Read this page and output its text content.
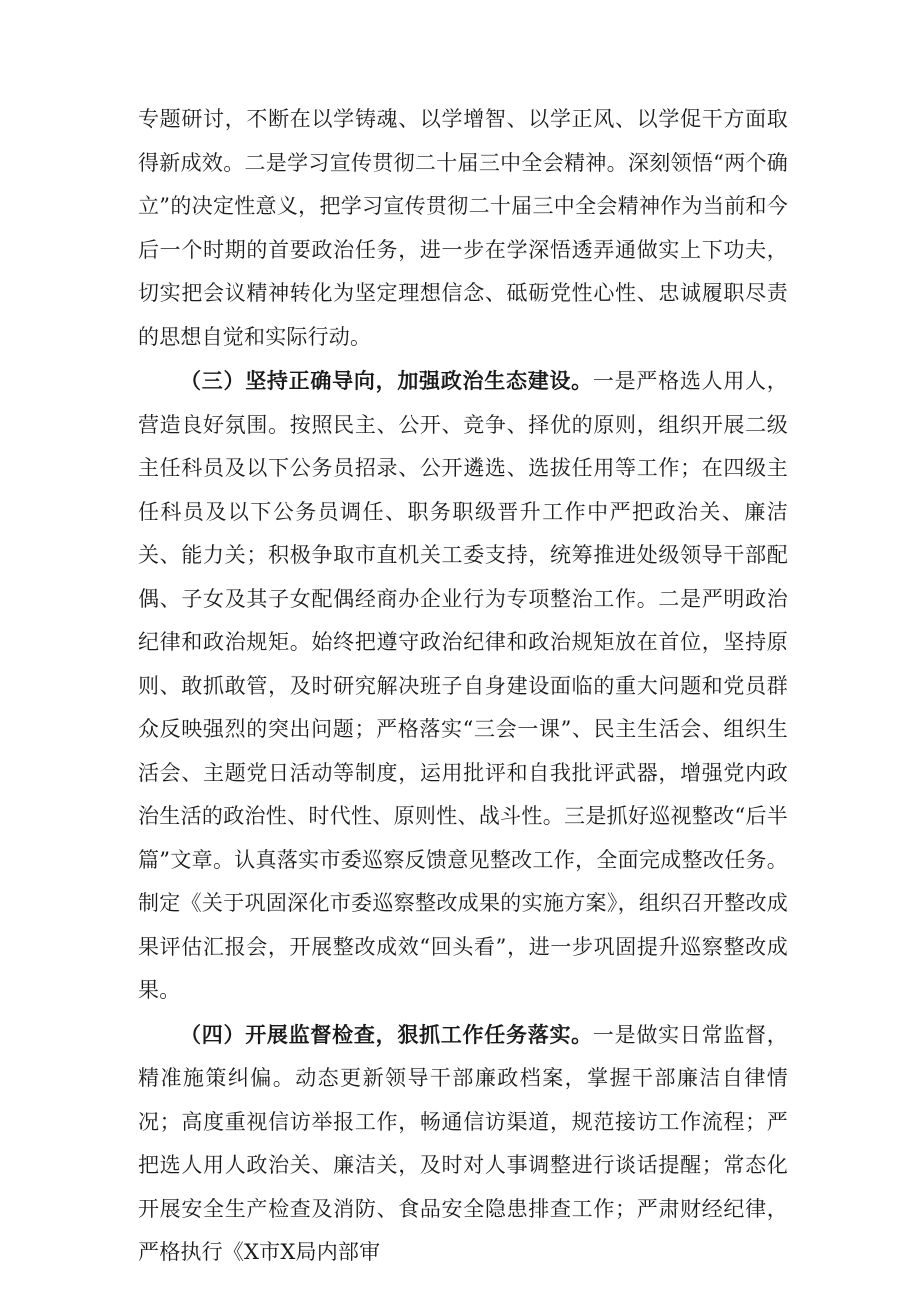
专题研讨，不断在以学铸魂、以学增智、以学正风、以学促干方面取得新成效。二是学习宣传贯彻二十届三中全会精神。深刻领悟“两个确立”的决定性意义，把学习宣传贯彻二十届三中全会精神作为当前和今后一个时期的首要政治任务，进一步在学深悟透弄通做实上下功夫，切实把会议精神转化为坚定理想信念、砥砺党性心性、忠诚履职尽责的思想自觉和实际行动。

（三）坚持正确导向，加强政治生态建设。一是严格选人用人，营造良好氛围。按照民主、公开、竞争、择优的原则，组织开展二级主任科员及以下公务员招录、公开遴选、选拔任用等工作；在四级主任科员及以下公务员调任、职务职级晋升工作中严把政治关、廉洁关、能力关；积极争取市直机关工委支持，统筹推进处级领导干部配偶、子女及其子女配偶经商办企业行为专项整治工作。二是严明政治纪律和政治规矩。始终把遵守政治纪律和政治规矩放在首位，坚持原则、敢抓敢管，及时研究解决班子自身建设面临的重大问题和党员群众反映强烈的突出问题；严格落实“三会一课”、民主生活会、组织生活会、主题党日活动等制度，运用批评和自我批评武器，增强党内政治生活的政治性、时代性、原则性、战斗性。三是抓好巡视整改“后半篇”文章。认真落实市委巡察反馈意见整改工作，全面完成整改任务。制定《关于巩固深化市委巡察整改成果的实施方案》，组织召开整改成果评估汇报会，开展整改成效“回头看”，进一步巩固提升巡察整改成果。

（四）开展监督检查，狠抓工作任务落实。一是做实日常监督，精准施策纠偏。动态更新领导干部廉政档案，掌握干部廉洁自律情况；高度重视信访举报工作，畅通信访渠道，规范接访工作流程；严把选人用人政治关、廉洁关，及时对人事调整进行谈话提醒；常态化开展安全生产检查及消防、食品安全隐患排查工作；严肃财经纪律，严格执行《X市X局内部审
